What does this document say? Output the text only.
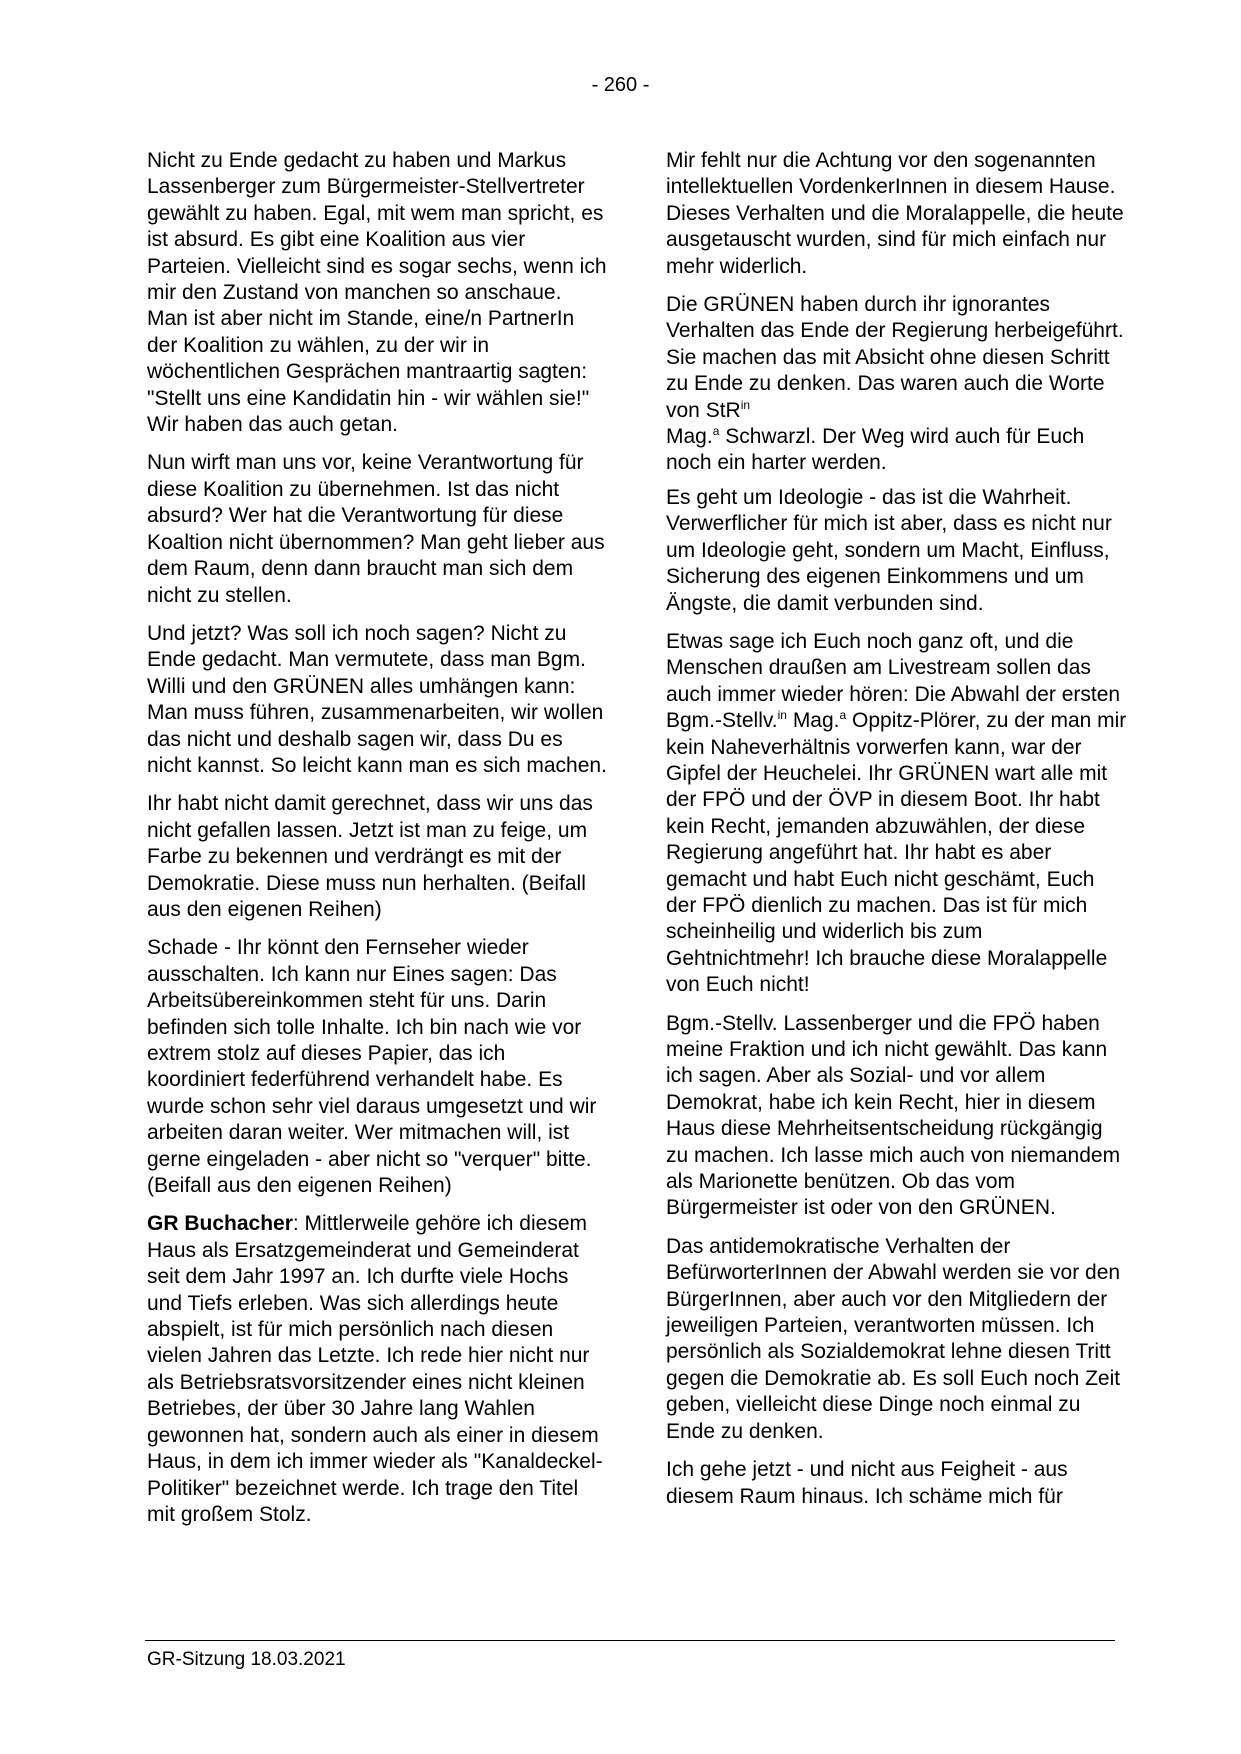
- 260 -

Nicht zu Ende gedacht zu haben und Markus Lassenberger zum Bürgermeister-Stellvertreter gewählt zu haben. Egal, mit wem man spricht, es ist absurd. Es gibt eine Koalition aus vier Parteien. Vielleicht sind es sogar sechs, wenn ich mir den Zustand von manchen so anschaue. Man ist aber nicht im Stande, eine/n PartnerIn der Koalition zu wählen, zu der wir in wöchentlichen Gesprächen mantraartig sagten: "Stellt uns eine Kandidatin hin - wir wählen sie!" Wir haben das auch getan.

Nun wirft man uns vor, keine Verantwortung für diese Koalition zu übernehmen. Ist das nicht absurd? Wer hat die Verantwortung für diese Koaltion nicht übernommen? Man geht lieber aus dem Raum, denn dann braucht man sich dem nicht zu stellen.

Und jetzt? Was soll ich noch sagen? Nicht zu Ende gedacht. Man vermutete, dass man Bgm. Willi und den GRÜNEN alles umhängen kann: Man muss führen, zusammenarbeiten, wir wollen das nicht und deshalb sagen wir, dass Du es nicht kannst. So leicht kann man es sich machen.

Ihr habt nicht damit gerechnet, dass wir uns das nicht gefallen lassen. Jetzt ist man zu feige, um Farbe zu bekennen und verdrängt es mit der Demokratie. Diese muss nun herhalten. (Beifall aus den eigenen Reihen)

Schade - Ihr könnt den Fernseher wieder ausschalten. Ich kann nur Eines sagen: Das Arbeitsübereinkommen steht für uns. Darin befinden sich tolle Inhalte. Ich bin nach wie vor extrem stolz auf dieses Papier, das ich koordiniert federführend verhandelt habe. Es wurde schon sehr viel daraus umgesetzt und wir arbeiten daran weiter. Wer mitmachen will, ist gerne eingeladen - aber nicht so "verquer" bitte. (Beifall aus den eigenen Reihen)

GR Buchacher: Mittlerweile gehöre ich diesem Haus als Ersatzgemeinderat und Gemeinderat seit dem Jahr 1997 an. Ich durfte viele Hochs und Tiefs erleben. Was sich allerdings heute abspielt, ist für mich persönlich nach diesen vielen Jahren das Letzte. Ich rede hier nicht nur als Betriebsratsvorsitzender eines nicht kleinen Betriebes, der über 30 Jahre lang Wahlen gewonnen hat, sondern auch als einer in diesem Haus, in dem ich immer wieder als "Kanaldeckel-Politiker" bezeichnet werde. Ich trage den Titel mit großem Stolz.

Mir fehlt nur die Achtung vor den sogenannten intellektuellen VordenkerInnen in diesem Hause. Dieses Verhalten und die Moralappelle, die heute ausgetauscht wurden, sind für mich einfach nur mehr widerlich.

Die GRÜNEN haben durch ihr ignorantes Verhalten das Ende der Regierung herbeigeführt. Sie machen das mit Absicht ohne diesen Schritt zu Ende zu denken. Das waren auch die Worte von StR$^{in}$
Mag.$^a$ Schwarzl. Der Weg wird auch für Euch noch ein harter werden.

Es geht um Ideologie - das ist die Wahrheit. Verwerflicher für mich ist aber, dass es nicht nur um Ideologie geht, sondern um Macht, Einfluss, Sicherung des eigenen Einkommens und um Ängste, die damit verbunden sind.

Etwas sage ich Euch noch ganz oft, und die Menschen draußen am Livestream sollen das auch immer wieder hören: Die Abwahl der ersten Bgm.-Stellv.$^{in}$ Mag.$^a$ Oppitz-Plörer, zu der man mir kein Naheverhältnis vorwerfen kann, war der Gipfel der Heuchelei. Ihr GRÜNEN wart alle mit der FPÖ und der ÖVP in diesem Boot. Ihr habt kein Recht, jemanden abzuwählen, der diese Regierung angeführt hat. Ihr habt es aber gemacht und habt Euch nicht geschämt, Euch der FPÖ dienlich zu machen. Das ist für mich scheinheilig und widerlich bis zum Gehtnichtmehr! Ich brauche diese Moralappelle von Euch nicht!

Bgm.-Stellv. Lassenberger und die FPÖ haben meine Fraktion und ich nicht gewählt. Das kann ich sagen. Aber als Sozial- und vor allem Demokrat, habe ich kein Recht, hier in diesem Haus diese Mehrheitsentscheidung rückgängig zu machen. Ich lasse mich auch von niemandem als Marionette benützen. Ob das vom Bürgermeister ist oder von den GRÜNEN.

Das antidemokratische Verhalten der BefürworterInnen der Abwahl werden sie vor den BürgerInnen, aber auch vor den Mitgliedern der jeweiligen Parteien, verantworten müssen. Ich persönlich als Sozialdemokrat lehne diesen Tritt gegen die Demokratie ab. Es soll Euch noch Zeit geben, vielleicht diese Dinge noch einmal zu Ende zu denken.

Ich gehe jetzt - und nicht aus Feigheit - aus diesem Raum hinaus. Ich schäme mich für

GR-Sitzung 18.03.2021
